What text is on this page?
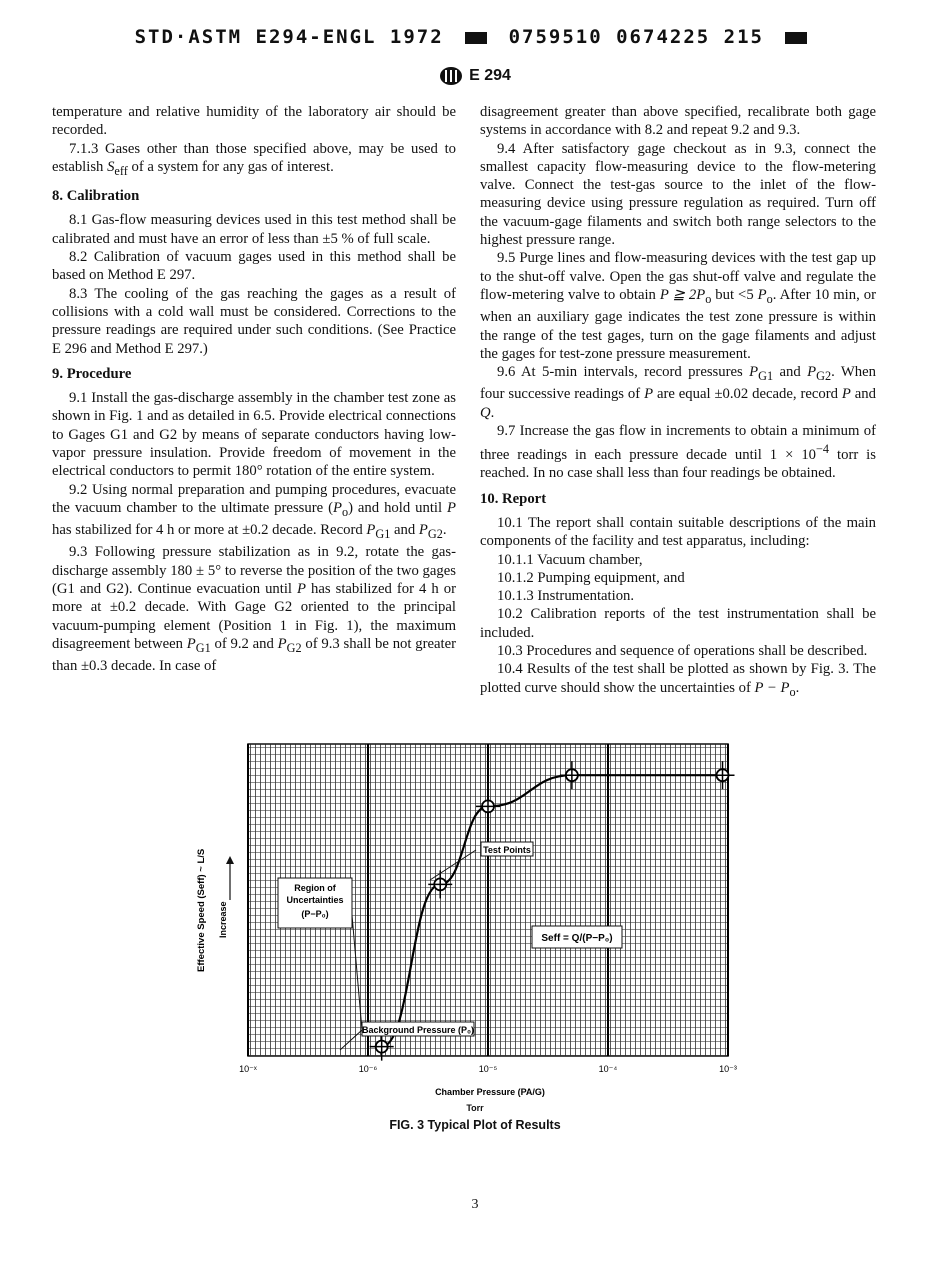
STD·ASTM E294-ENGL 1972	0759510 0674225 215
E 294

temperature and relative humidity of the laboratory air should be recorded.

7.1.3 Gases other than those specified above, may be used to establish $S_{eff}$ of a system for any gas of interest.

8. Calibration

8.1 Gas-flow measuring devices used in this test method shall be calibrated and must have an error of less than ±5 % of full scale.

8.2 Calibration of vacuum gages used in this method shall be based on Method E 297.

8.3 The cooling of the gas reaching the gages as a result of collisions with a cold wall must be considered. Corrections to the pressure readings are required under such conditions. (See Practice E 296 and Method E 297.)

9. Procedure

9.1 Install the gas-discharge assembly in the chamber test zone as shown in Fig. 1 and as detailed in 6.5. Provide electrical connections to Gages G1 and G2 by means of separate conductors having low-vapor pressure insulation. Provide freedom of movement in the electrical conductors to permit 180° rotation of the entire system.

9.2 Using normal preparation and pumping procedures, evacuate the vacuum chamber to the ultimate pressure $(P_o)$ and hold until P has stabilized for 4 h or more at ±0.2 decade. Record $P_{G1}$ and $P_{G2}$.

9.3 Following pressure stabilization as in 9.2, rotate the gas-discharge assembly 180 ± 5° to reverse the position of the two gages (G1 and G2). Continue evacuation until P has stabilized for 4 h or more at ±0.2 decade. With Gage G2 oriented to the principal vacuum-pumping element (Position 1 in Fig. 1), the maximum disagreement between $P_{G1}$ of 9.2 and $P_{G2}$ of 9.3 shall be not greater than ±0.3 decade. In case of

disagreement greater than above specified, recalibrate both gage systems in accordance with 8.2 and repeat 9.2 and 9.3.

9.4 After satisfactory gage checkout as in 9.3, connect the smallest capacity flow-measuring device to the flow-metering valve. Connect the test-gas source to the inlet of the flow-measuring device using pressure regulation as required. Turn off the vacuum-gage filaments and switch both range selectors to the highest pressure range.

9.5 Purge lines and flow-measuring devices with the test gap up to the shut-off valve. Open the gas shut-off valve and regulate the flow-metering valve to obtain P ≧ $2P_o$ but <5 $P_o$. After 10 min, or when an auxiliary gage indicates the test zone pressure is within the range of the test gages, turn on the gage filaments and adjust the gages for test-zone pressure measurement.

9.6 At 5-min intervals, record pressures $P_{G1}$ and $P_{G2}$. When four successive readings of P are equal ±0.02 decade, record P and Q.

9.7 Increase the gas flow in increments to obtain a minimum of three readings in each pressure decade until $1 \times 10^{-4}$ torr is reached. In no case shall less than four readings be obtained.

10. Report

10.1 The report shall contain suitable descriptions of the main components of the facility and test apparatus, including:

10.1.1 Vacuum chamber,

10.1.2 Pumping equipment, and

10.1.3 Instrumentation.

10.2 Calibration reports of the test instrumentation shall be included.

10.3 Procedures and sequence of operations shall be described.

10.4 Results of the test shall be plotted as shown by Fig. 3. The plotted curve should show the uncertainties of $P - P_o$.

10⁻ˣ	10⁻⁶	10⁻⁵	10⁻⁴	10⁻³
Region of
Uncertainties
(P−P₀)
Test Points
Seff = Q/(P−P₀)
Background Pressure (P₀)
Effective Speed (Seff) ~ L/S Increase
Chamber Pressure (PA/G)
Torr
FIG. 3 Typical Plot of Results
3
